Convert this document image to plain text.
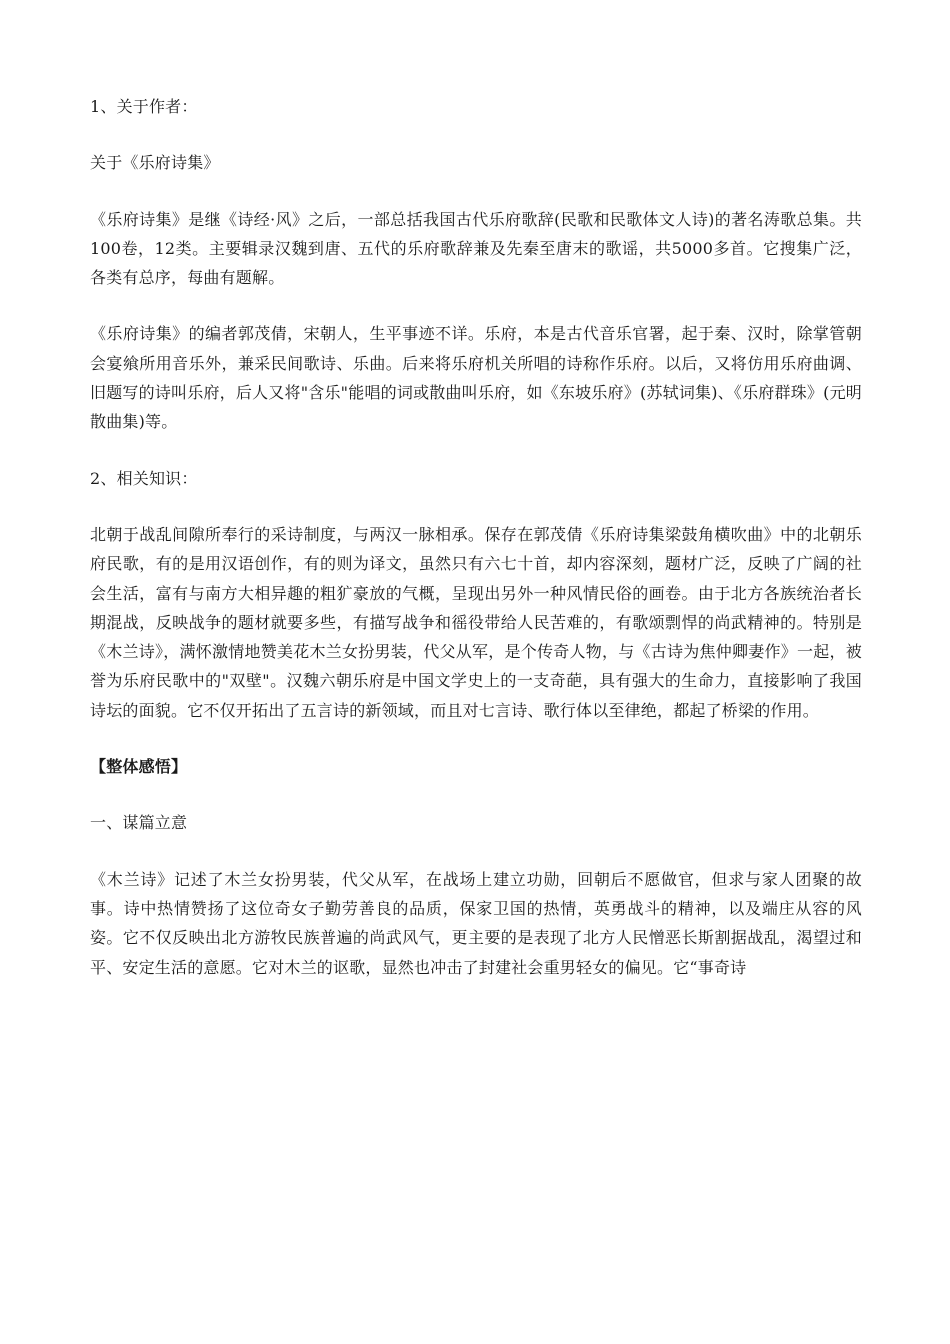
1、关于作者：

关于《乐府诗集》

《乐府诗集》是继《诗经·风》之后，一部总括我国古代乐府歌辞(民歌和民歌体文人诗)的著名涛歌总集。共100卷，12类。主要辑录汉魏到唐、五代的乐府歌辞兼及先秦至唐末的歌谣，共5000多首。它搜集广泛，各类有总序，每曲有题解。

《乐府诗集》的编者郭茂倩，宋朝人，生平事迹不详。乐府，本是古代音乐官署，起于秦、汉时，除掌管朝会宴飨所用音乐外，兼采民间歌诗、乐曲。后来将乐府机关所唱的诗称作乐府。以后，又将仿用乐府曲调、旧题写的诗叫乐府，后人又将"含乐"能唱的词或散曲叫乐府，如《东坡乐府》(苏轼词集)、《乐府群珠》(元明散曲集)等。

2、相关知识：

北朝于战乱间隙所奉行的采诗制度，与两汉一脉相承。保存在郭茂倩《乐府诗集梁鼓角横吹曲》中的北朝乐府民歌，有的是用汉语创作，有的则为译文，虽然只有六七十首，却内容深刻，题材广泛，反映了广阔的社会生活，富有与南方大相异趣的粗犷豪放的气概，呈现出另外一种风情民俗的画卷。由于北方各族统治者长期混战，反映战争的题材就要多些，有描写战争和徭役带给人民苦难的，有歌颂剽悍的尚武精神的。特别是《木兰诗》，满怀激情地赞美花木兰女扮男装，代父从军，是个传奇人物，与《古诗为焦仲卿妻作》一起，被誉为乐府民歌中的"双壁"。汉魏六朝乐府是中国文学史上的一支奇葩，具有强大的生命力，直接影响了我国诗坛的面貌。它不仅开拓出了五言诗的新领域，而且对七言诗、歌行体以至律绝，都起了桥梁的作用。

【整体感悟】

一、谋篇立意

《木兰诗》记述了木兰女扮男装，代父从军，在战场上建立功勋，回朝后不愿做官，但求与家人团聚的故事。诗中热情赞扬了这位奇女子勤劳善良的品质，保家卫国的热情，英勇战斗的精神，以及端庄从容的风姿。它不仅反映出北方游牧民族普遍的尚武风气，更主要的是表现了北方人民憎恶长斯割据战乱，渴望过和平、安定生活的意愿。它对木兰的讴歌，显然也冲击了封建社会重男轻女的偏见。它“事奇诗
